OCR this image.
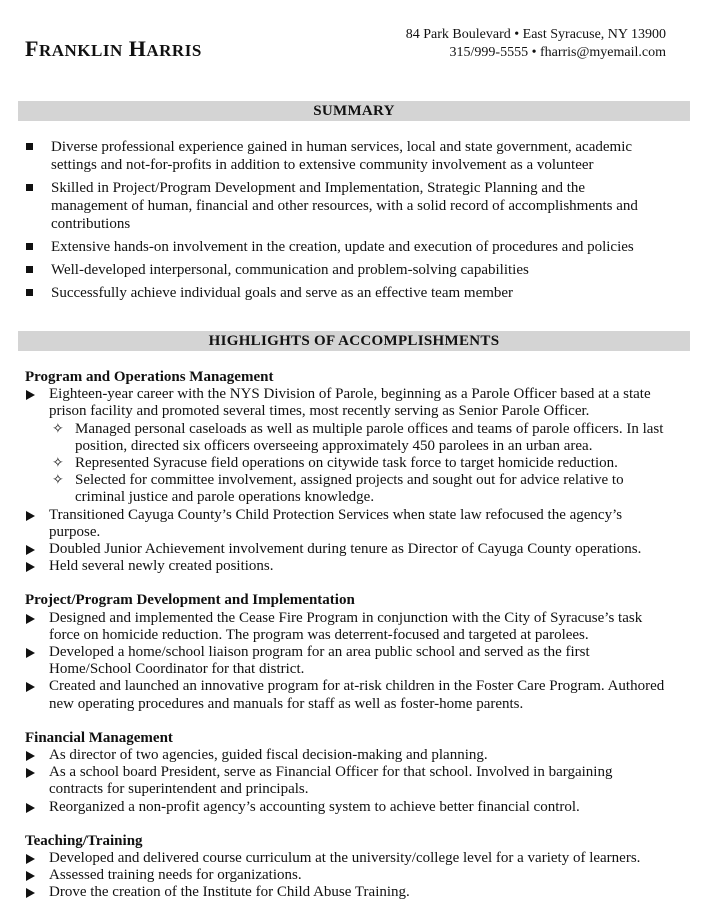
FRANKLIN HARRIS
84 Park Boulevard • East Syracuse, NY 13900
315/999-5555 • fharris@myemail.com
SUMMARY
Diverse professional experience gained in human services, local and state government, academic settings and not-for-profits in addition to extensive community involvement as a volunteer
Skilled in Project/Program Development and Implementation, Strategic Planning and the management of human, financial and other resources, with a solid record of accomplishments and contributions
Extensive hands-on involvement in the creation, update and execution of procedures and policies
Well-developed interpersonal, communication and problem-solving capabilities
Successfully achieve individual goals and serve as an effective team member
HIGHLIGHTS OF ACCOMPLISHMENTS
Program and Operations Management
Eighteen-year career with the NYS Division of Parole, beginning as a Parole Officer based at a state prison facility and promoted several times, most recently serving as Senior Parole Officer.
✧ Managed personal caseloads as well as multiple parole offices and teams of parole officers. In last position, directed six officers overseeing approximately 450 parolees in an urban area.
✧ Represented Syracuse field operations on citywide task force to target homicide reduction.
✧ Selected for committee involvement, assigned projects and sought out for advice relative to criminal justice and parole operations knowledge.
Transitioned Cayuga County’s Child Protection Services when state law refocused the agency’s purpose.
Doubled Junior Achievement involvement during tenure as Director of Cayuga County operations.
Held several newly created positions.
Project/Program Development and Implementation
Designed and implemented the Cease Fire Program in conjunction with the City of Syracuse’s task force on homicide reduction. The program was deterrent-focused and targeted at parolees.
Developed a home/school liaison program for an area public school and served as the first Home/School Coordinator for that district.
Created and launched an innovative program for at-risk children in the Foster Care Program. Authored new operating procedures and manuals for staff as well as foster-home parents.
Financial Management
As director of two agencies, guided fiscal decision-making and planning.
As a school board President, serve as Financial Officer for that school. Involved in bargaining contracts for superintendent and principals.
Reorganized a non-profit agency’s accounting system to achieve better financial control.
Teaching/Training
Developed and delivered course curriculum at the university/college level for a variety of learners.
Assessed training needs for organizations.
Drove the creation of the Institute for Child Abuse Training.
